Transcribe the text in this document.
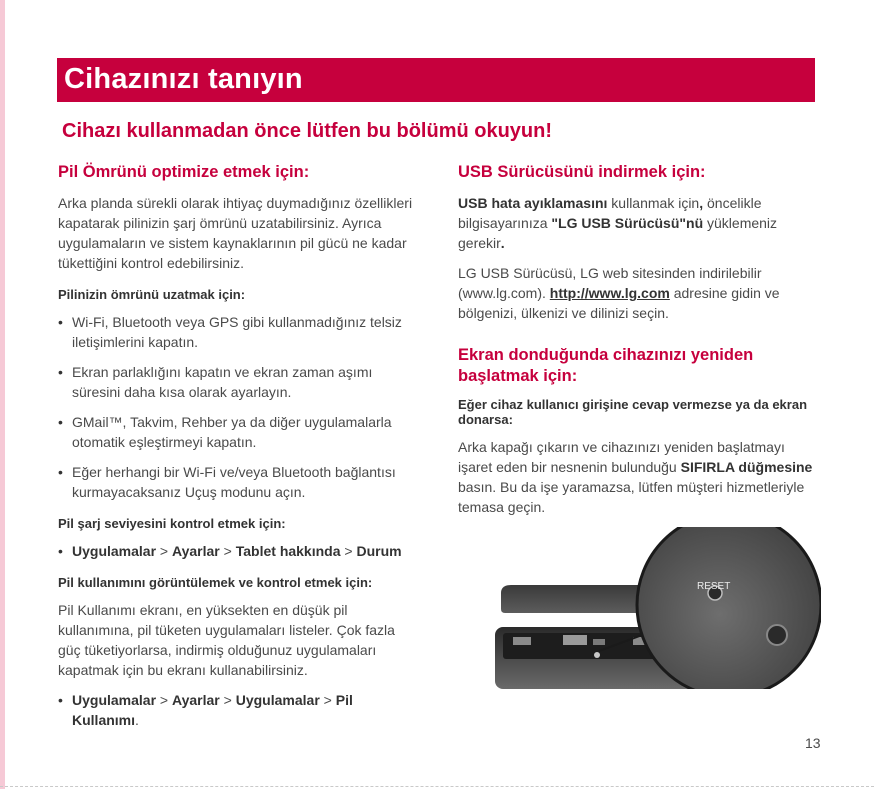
Cihazınızı tanıyın
Cihazı kullanmadan önce lütfen bu bölümü okuyun!
Pil Ömrünü optimize etmek için:

Arka planda sürekli olarak ihtiyaç duymadığınız özellikleri kapatarak pilinizin şarj ömrünü uzatabilirsiniz. Ayrıca uygulamaların ve sistem kaynaklarının pil gücü ne kadar tükettiğini kontrol edebilirsiniz.

Pilinizin ömrünü uzatmak için:
• Wi-Fi, Bluetooth veya GPS gibi kullanmadığınız telsiz iletişimlerini kapatın.
• Ekran parlaklığını kapatın ve ekran zaman aşımı süresini daha kısa olarak ayarlayın.
• GMail™, Takvim, Rehber ya da diğer uygulamalarla otomatik eşleştirmeyi kapatın.
• Eğer herhangi bir Wi-Fi ve/veya Bluetooth bağlantısı kurmayacaksanız Uçuş modunu açın.
Pil şarj seviyesini kontrol etmek için:
• Uygulamalar > Ayarlar > Tablet hakkında > Durum
Pil kullanımını görüntülemek ve kontrol etmek için:

Pil Kullanımı ekranı, en yüksekten en düşük pil kullanımına, pil tüketen uygulamaları listeler. Çok fazla güç tüketiyorlarsa, indirmiş olduğunuz uygulamaları kapatmak için bu ekranı kullanabilirsiniz.

• Uygulamalar > Ayarlar > Uygulamalar > Pil Kullanımı.
USB Sürücüsünü indirmek için:

USB hata ayıklamasını kullanmak için, öncelikle bilgisayarınıza "LG USB Sürücüsü"nü yüklemeniz gerekir.

LG USB Sürücüsü, LG web sitesinden indirilebilir (www.lg.com). http://www.lg.com adresine gidin ve bölgenizi, ülkenizi ve dilinizi seçin.

Ekran donduğunda cihazınızı yeniden başlatmak için:
Eğer cihaz kullanıcı girişine cevap vermezse ya da ekran donarsa:

Arka kapağı çıkarın ve cihazınızı yeniden başlatmayı işaret eden bir nesnenin bulunduğu SIFIRLA düğmesine basın. Bu da işe yaramazsa, lütfen müşteri hizmetleriyle temasa geçin.

RESET
13
